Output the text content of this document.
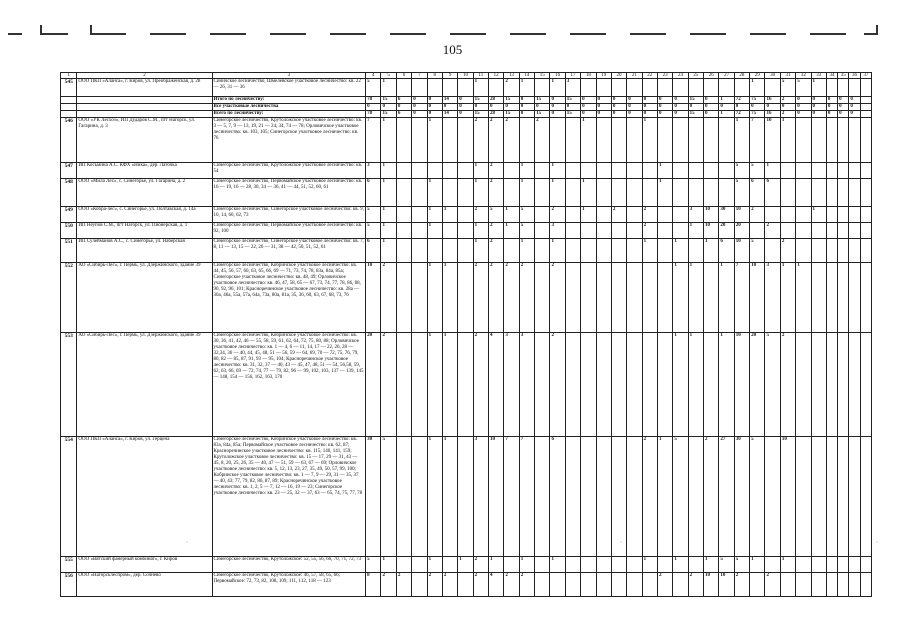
105
1	2	3	4	5	6	7	8	9	10	11	12	13	14	15	16	17	18	19	20	21	22	23	24	25	26	27	28	29	30	31	32	33	34	35	36	37
545	ООО ПКП «Аланса», г. Киров, ул. Преображенская, д. 28	Синичское лесничество, Шмелевское участковое лесничество: кв. 22 — 26, 31 — 36	5	1						1		2	1		1	3												1		5	5	1				
		Итого по лесничеству:	78	15	6	0	0	14	0	15	28	15	0	15	0	15	0	0	0	0	0	0	0	15	0	1	72	75	16	2	0	0	0	0	0	
		Все участковые лесничества	0	0	0	0	0	0	0	0	0	0	0	0	0	0	0	0	0	0	0	0	0	0	0	0	0	0	0	0	0	0	0	0	0	
		Всего по лесничеству:	78	15	6	0	0	14	0	15	28	15	0	15	0	15	0	0	0	0	0	0	0	15	0	1	72	75	16	2	0	0	0	0	0	
546	ООО «УК Лесхоз», ИП Дударов С.М., пгт Нагорск, ул. Гагарина, д. 3	Синегорское лесничество, Крутоложское участковое лесничество: кв. 3 — 5, 7, 9 — 13, 19, 21 — 24, 34, 74 — 78; Орловичское участковое лесничество: кв. 103, 105; Синегорское участковое лесничество: кв. 76	7	1			1			2	2	2		2			1				1						1	7	10	1						
547	ИП Косьмина А.С. КФХ «Ника», дер. Латочка	Синегорское лесничество, Крутоложское участковое лесничество: кв. 54	3	1						1	2		1		1							1					5	5	1							
548	ООО «Мила Лес», с. Синегорье, ул. Гагарина, д. 2	Синегорское лесничество, Первомайское участковое лесничество: кв. 16 — 19, 16 — 28, 30, 34 — 36, 41 — 44, 51, 52, 60, 61	6	1			1			1	2		1		1		1					1					5	6	6							
549	ООО «Кобра-лес», с. Синегорье, ул. Полтавская, д. 14а	Синегорское лесничество, Синегорское участковое лесничество: кв. 9, 10, 14, 60, 62, 73	5	1			1	1		2	5	1	5		2		1		2		2			3	10	30	10	2				1				
550	ИП Неупов С.М., пгт Нагорск, ул. Пионерская, д. 1	Синегорское лесничество, Первомайское участковое лесничество: кв. 92, 100	5	1			1			1	2	1	5		3						2			1	10	20	20		2							
551	ИП Сулейманов А.С., с. Синегорье, ул. Наберская	Синегорское лесничество, Синегорское участковое лесничество: кв. 7, 8, 11 — 13, 15 — 22, 26 — 31, 38 — 42, 50, 51, 52, 61	6	1						1	2		1		1						1		1		1	6	10	5		2						
552	АО «Сибирь-Лес», г. Пермь, ул. Дзержинского, здание 39	Синегорское лесничество, Кобринское участковое лесничество: кв. 44, 45, 56, 57, 60, 63, 65, 66, 69 — 71, 73, 74, 78, 83а, 84а, 85а; Синегорское участковое лесничество: кв. 48, 49; Орловичское участковое лесничество: кв. 46, 47, 58, 65 — 67, 73, 74, 77, 78, 86, 88, 90, 92, 96, 101; Красноречинское участковое лесничество: кв. 28а — 30а, 46а, 55а, 57а, 64а, 73а, 80а, 81а, 35, 36, 60, 63, 67, 68, 73, 76	10	2			1	1		2	2	2	2		2								1	1		1	7	10	3	1	1					
553	АО «Сибирь-Лес», г. Пермь, ул. Дзержинского, здание 39	Синегорское лесничество, Кобринское участковое лесничество: кв. 30, 36, 41, 42, 46 — 55, 58, 59, 61, 62, 64, 72, 75, 80, 88; Орловичское участковое лесничество: кв. 1 — 4, 6 — 11, 14, 17 — 22, 26, 28 — 32,34, 36 — 40, 44, 45, 48, 51 — 56, 59 — 64, 69, 70 — 72, 75, 76, 79, 80, 82 — 85, 87, 91, 93 — 95, 104; Красноречинское участковое лесничество: кв. 31, 32, 37 — 40, 43 — 45, 47, 48, 51 — 54, 56,58, 59, 62, 63, 66, 69 — 72, 74, 77 — 79, 82, 96 — 99, 102, 103, 137 — 139, 145 — 148, 154 — 156, 162, 163, 170	20	2			1	1		2	4	3	3		2								1	1		1	10	20	5	2						
554	ООО ПКП «Аланса», г. Киров, ул. Герцена	Синегорское лесничество, Кобринское участковое лесничество: кв. 83а, 84а, 85а; Первомайское участковое лесничество: кв. 62, 87; Красноречинское участковое лесничество: кв. 115, 140, 141, 159; Крутоложское участковое лесничество: кв. 15 — 17, 29 — 31, 43 — 45, 8, 20, 25, 26, 35 — 40, 47 — 51, 59 — 63, 67 — 69; Орловичское участковое лесничество: кв. 5, 12, 13, 23, 27, 35, 49, 50, 57, 99, 100; Кобринское участковое лесничество: кв. 1 — 7, 9 — 29, 31 — 35, 37 — 40, 43; 77, 79, 82, 86, 87, 89; Красноречинское участковое лесничество: кв. 1, 2, 5 — 7, 12 — 16, 19 — 23; Синегорское участковое лесничество: кв. 23 — 25, 32 — 37, 63 — 65, 74, 75, 77, 78	30	5			1	1		3	10	7	7		6						2	1	5		2	27	30	5		10						
555	ООО «Вятский фанерный комбинат», г. Киров	Синегорское лесничество, Крутоложское: 52, 55, 56, 66, 70, 71, 72, 73	5	1			1		1	2	1		1		1						1		1		1	5	5	1		1						
556	ООО «Нагорсклеспром», дер. Сочнево	Синегорское лесничество, Крутоложское: 46, 57, 58, 65, 66; Первомайское: 72, 73, 82, 108, 109, 111, 112, 118 — 123	8	2	2		2	2		2	4	2	2									2		2	10	10	2		2							
·	·	·
